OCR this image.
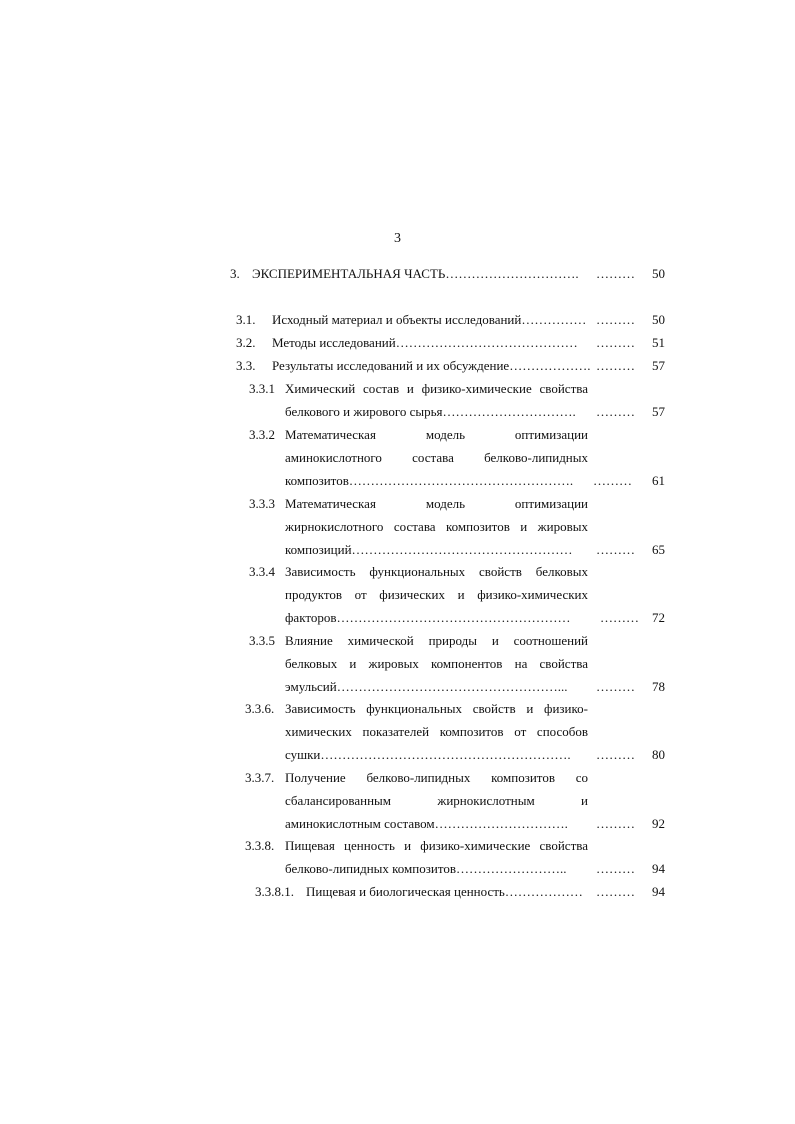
3
3. ЭКСПЕРИМЕНТАЛЬНАЯ ЧАСТЬ…………………………. ………	50
3.1. Исходный материал и объекты исследований…………… ………	50
3.2. Методы исследований…………………………………… ………	51
3.3. Результаты исследований и их обсуждение………………. ………	57
3.3.1 Химический состав и физико-химические свойства
белкового и жирового сырья…………………………. ………	57
3.3.2 Математическая модель оптимизации
аминокислотного состава белково-липидных
композитов……………………………………………. ………	61
3.3.3 Математическая модель оптимизации
жирнокислотного состава композитов и жировых
композиций…………………………………………… ………	65
3.3.4 Зависимость функциональных свойств белковых
продуктов от физических и физико-химических
факторов……………………………………………… ………	72
3.3.5 Влияние химической природы и соотношений
белковых и жировых компонентов на свойства
эмульсий……………………………………………... ………	78
3.3.6. Зависимость функциональных свойств и физико-
химических показателей композитов от способов
сушки…………………………………………………. ………	80
3.3.7. Получение белково-липидных композитов со
сбалансированным жирнокислотным и
аминокислотным составом…………………………. ………	92
3.3.8. Пищевая ценность и физико-химические свойства
белково-липидных композитов…………………….. ………	94
3.3.8.1. Пищевая и биологическая ценность……………… ………	94
